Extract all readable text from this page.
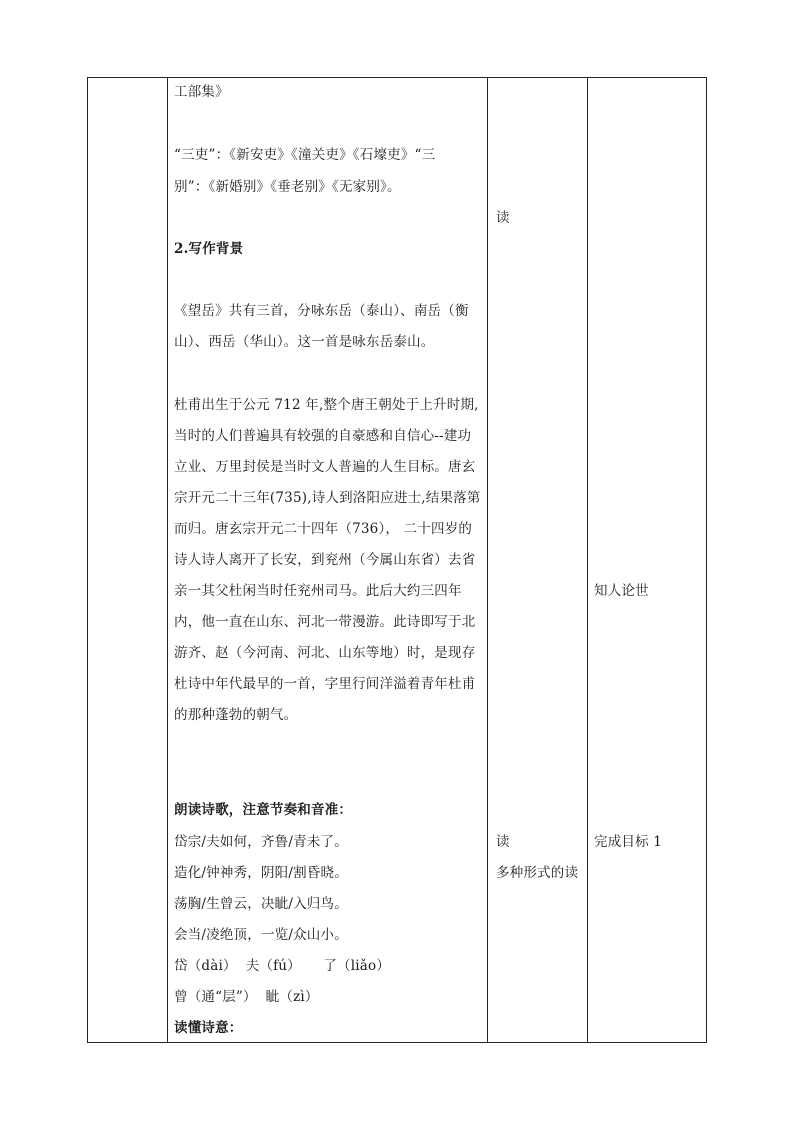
工部集》
“三吏”：《新安吏》《潼关吏》《石壕吏》“三
别”：《新婚别》《垂老别》《无家别》。
2.写作背景
《望岳》共有三首，分咏东岳（泰山）、南岳（衡
山）、西岳（华山）。这一首是咏东岳泰山。
杜甫出生于公元 712 年,整个唐王朝处于上升时期,
当时的人们普遍具有较强的自豪感和自信心--建功
立业、万里封侯是当时文人普遍的人生目标。唐玄
宗开元二十三年(735),诗人到洛阳应进士,结果落第
而归。唐玄宗开元二十四年（736）， 二十四岁的
诗人诗人离开了长安，到兖州（今属山东省）去省
亲一其父杜闲当时任兖州司马。此后大约三四年
内，他一直在山东、河北一带漫游。此诗即写于北
游齐、赵（今河南、河北、山东等地）时，是现存
杜诗中年代最早的一首，字里行间洋溢着青年杜甫
的那种蓬勃的朝气。
朗读诗歌，注意节奏和音准：
岱宗/夫如何，齐鲁/青未了。
造化/钟神秀，阴阳/割昏晓。
荡胸/生曾云，决眦/入归鸟。
会当/凌绝顶，一览/众山小。
岱（dài）  夫（fú）     了（liǎo）
曾（通“层”）  眦（zì）
读懂诗意：
读
读
多种形式的读
知人论世
完成目标 1
